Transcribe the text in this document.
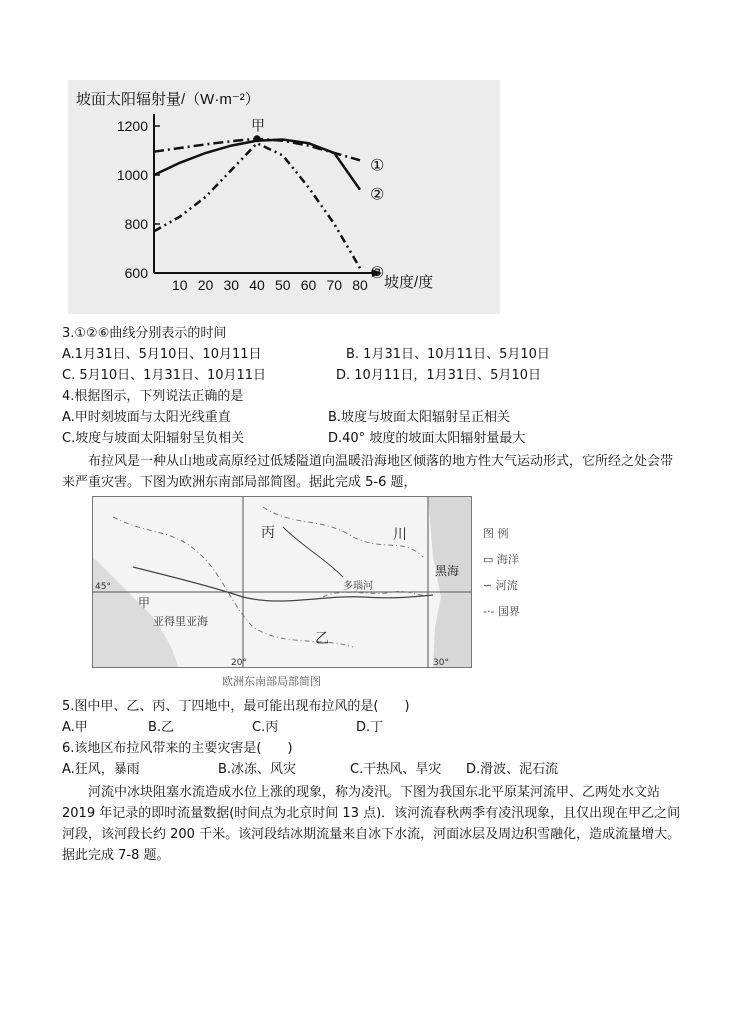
坡面太阳辐射量/（W·m⁻²）
坡度/度
600
800
1000
1200
10 20 30 40 50 60 70 80
①
②
③
甲
3.①②⑥曲线分别表示的时间
A.1月31日、5月10日、10月11日	B. 1月31日、10月11日、5月10日
C. 5月10日、1月31日、10月11日	D. 10月11日，1月31日、5月10日
4.根据图示，下列说法正确的是
A.甲时刻坡面与太阳光线重直	B.坡度与坡面太阳辐射呈正相关
C.坡度与坡面太阳辐射呈负相关	D.40° 坡度的坡面太阳辐射量最大
布拉风是一种从山地或高原经过低矮隘道向温暖沿海地区倾落的地方性大气运动形式，它所经之处会带来严重灾害。下图为欧洲东南部局部简图。据此完成 5-6 题，
丙	川
乙
甲
黑海
亚得里亚海
多瑙河
45°
20°	30°
图 例
▭ 海洋
∽ 河流
-·- 国界
欧洲东南部局部简图
5.图中甲、乙、丙、丁四地中，最可能出现布拉风的是(　　)
A.甲	B.乙	C.丙	D.丁
6.该地区布拉风带来的主要灾害是(　　)
A.狂风，暴雨	B.冰冻、风灾	C.干热风、旱灾 D.滑波、泥石流
河流中冰块阻塞水流造成水位上涨的现象，称为凌汛。下图为我国东北平原某河流甲、乙两处水文站 2019 年记录的即时流量数据(时间点为北京时间 13 点)．该河流春秋两季有凌汛现象，且仅出现在甲乙之间河段，该河段长约 200 千米。该河段结冰期流量来自冰下水流，河面冰层及周边积雪融化，造成流量增大。据此完成 7-8 题。
